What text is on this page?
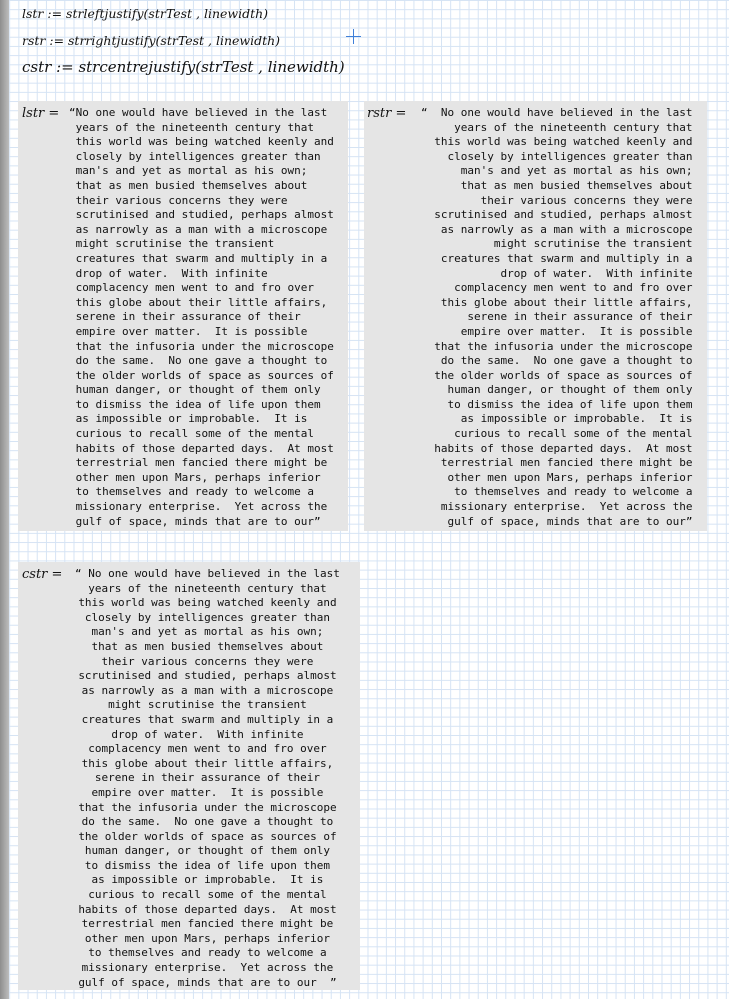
lstr := strleftjustify(strTest , linewidth)
rstr := strrightjustify(strTest , linewidth)
cstr := strcentrejustify(strTest , linewidth)
lstr = “No one would have believed in the last
years of the nineteenth century that
this world was being watched keenly and
closely by intelligences greater than
man's and yet as mortal as his own;
that as men busied themselves about
their various concerns they were
scrutinised and studied, perhaps almost
as narrowly as a man with a microscope
might scrutinise the transient
creatures that swarm and multiply in a
drop of water.  With infinite
complacency men went to and fro over
this globe about their little affairs,
serene in their assurance of their
empire over matter.  It is possible
that the infusoria under the microscope
do the same.  No one gave a thought to
the older worlds of space as sources of
human danger, or thought of them only
to dismiss the idea of life upon them
as impossible or improbable.  It is
curious to recall some of the mental
habits of those departed days.  At most
terrestrial men fancied there might be
other men upon Mars, perhaps inferior
to themselves and ready to welcome a
missionary enterprise.  Yet across the
gulf of space, minds that are to our”
rstr = “  No one would have believed in the last
years of the nineteenth century that
this world was being watched keenly and
closely by intelligences greater than
man's and yet as mortal as his own;
that as men busied themselves about
their various concerns they were
scrutinised and studied, perhaps almost
as narrowly as a man with a microscope
might scrutinise the transient
creatures that swarm and multiply in a
drop of water.  With infinite
complacency men went to and fro over
this globe about their little affairs,
serene in their assurance of their
empire over matter.  It is possible
that the infusoria under the microscope
do the same.  No one gave a thought to
the older worlds of space as sources of
human danger, or thought of them only
to dismiss the idea of life upon them
as impossible or improbable.  It is
curious to recall some of the mental
habits of those departed days.  At most
terrestrial men fancied there might be
other men upon Mars, perhaps inferior
to themselves and ready to welcome a
missionary enterprise.  Yet across the
gulf of space, minds that are to our”
cstr = “ No one would have believed in the last
years of the nineteenth century that
this world was being watched keenly and
closely by intelligences greater than
man's and yet as mortal as his own;
that as men busied themselves about
their various concerns they were
scrutinised and studied, perhaps almost
as narrowly as a man with a microscope
might scrutinise the transient
creatures that swarm and multiply in a
drop of water.  With infinite
complacency men went to and fro over
this globe about their little affairs,
serene in their assurance of their
empire over matter.  It is possible
that the infusoria under the microscope
do the same.  No one gave a thought to
the older worlds of space as sources of
human danger, or thought of them only
to dismiss the idea of life upon them
as impossible or improbable.  It is
curious to recall some of the mental
habits of those departed days.  At most
terrestrial men fancied there might be
other men upon Mars, perhaps inferior
to themselves and ready to welcome a
missionary enterprise.  Yet across the
gulf of space, minds that are to our  ”
